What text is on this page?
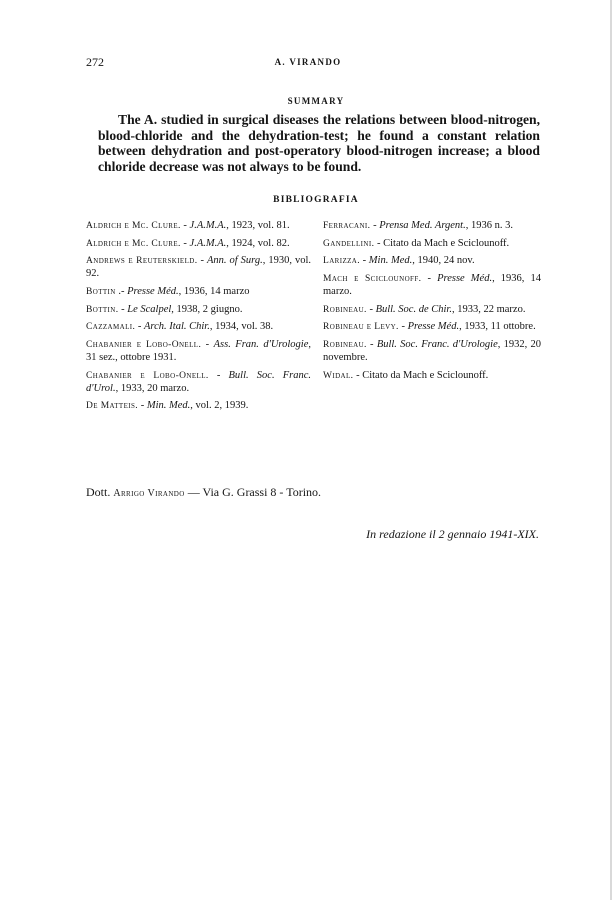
272	A. VIRANDO
SUMMARY
The A. studied in surgical diseases the relations between blood-nitrogen, blood-chloride and the dehydration-test; he found a constant relation between dehydration and post-operatory blood-nitrogen increase; a blood chloride decrease was not always to be found.
BIBLIOGRAFIA
Aldrich e Mc. Clure. - J.A.M.A., 1923, vol. 81.
Aldrich e Mc. Clure. - J.A.M.A., 1924, vol. 82.
Andrews e Reuterskield. - Ann. of Surg., 1930, vol. 92.
Bottin .- Presse Méd., 1936, 14 marzo
Bottin. - Le Scalpel, 1938, 2 giugno.
Cazzamali. - Arch. Ital. Chir., 1934, vol. 38.
Chabanier e Lobo-Onell. - Ass. Fran. d'Urologie, 31 sez., ottobre 1931.
Chabanier e Lobo-Onell. - Bull. Soc. Franc. d'Urol., 1933, 20 marzo.
De Matteis. - Min. Med., vol. 2, 1939.
Ferracani. - Prensa Med. Argent., 1936 n. 3.
Gandellini. - Citato da Mach e Sciclounoff.
Larizza. - Min. Med., 1940, 24 nov.
Mach e Sciclounoff. - Presse Méd., 1936, 14 marzo.
Robineau. - Bull. Soc. de Chir., 1933, 22 marzo.
Robineau e Levy. - Presse Méd., 1933, 11 ottobre.
Robineau. - Bull. Soc. Franc. d'Urologie, 1932, 20 novembre.
Widal. - Citato da Mach e Sciclounoff.
Dott. Arrigo Virando — Via G. Grassi 8 - Torino.
In redazione il 2 gennaio 1941-XIX.
